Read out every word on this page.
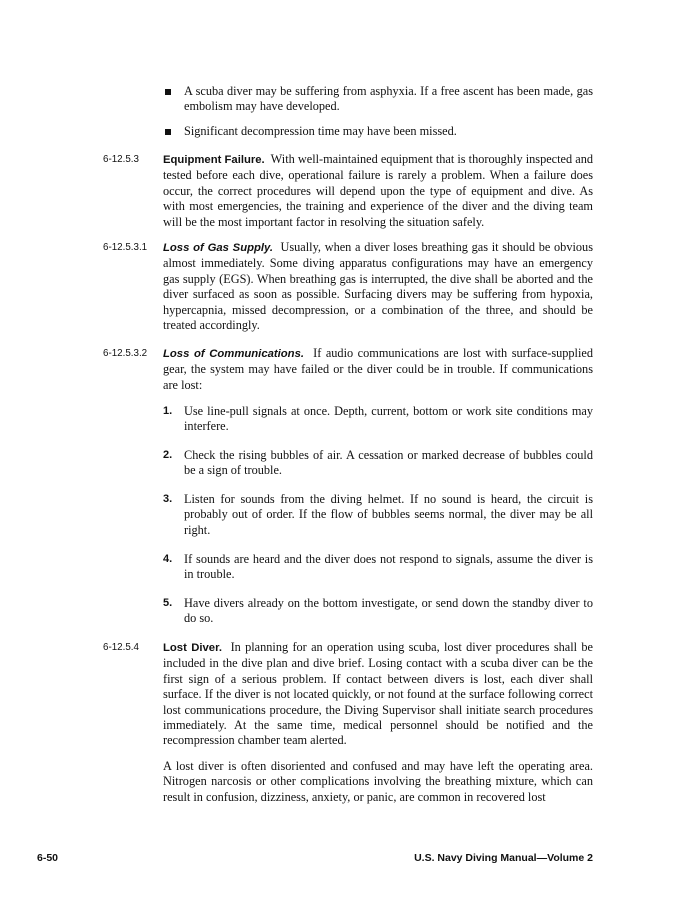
A scuba diver may be suffering from asphyxia. If a free ascent has been made, gas embolism may have developed.
Significant decompression time may have been missed.
6-12.5.3 Equipment Failure. With well-maintained equipment that is thoroughly inspected and tested before each dive, operational failure is rarely a problem. When a failure does occur, the correct procedures will depend upon the type of equipment and dive. As with most emergencies, the training and experience of the diver and the diving team will be the most important factor in resolving the situation safely.
6-12.5.3.1 Loss of Gas Supply. Usually, when a diver loses breathing gas it should be obvious almost immediately. Some diving apparatus configurations may have an emergency gas supply (EGS). When breathing gas is interrupted, the dive shall be aborted and the diver surfaced as soon as possible. Surfacing divers may be suffering from hypoxia, hypercapnia, missed decompression, or a combination of the three, and should be treated accordingly.
6-12.5.3.2 Loss of Communications. If audio communications are lost with surface-supplied gear, the system may have failed or the diver could be in trouble. If communications are lost:
1. Use line-pull signals at once. Depth, current, bottom or work site conditions may interfere.
2. Check the rising bubbles of air. A cessation or marked decrease of bubbles could be a sign of trouble.
3. Listen for sounds from the diving helmet. If no sound is heard, the circuit is probably out of order. If the flow of bubbles seems normal, the diver may be all right.
4. If sounds are heard and the diver does not respond to signals, assume the diver is in trouble.
5. Have divers already on the bottom investigate, or send down the standby diver to do so.
6-12.5.4 Lost Diver. In planning for an operation using scuba, lost diver procedures shall be included in the dive plan and dive brief. Losing contact with a scuba diver can be the first sign of a serious problem. If contact between divers is lost, each diver shall surface. If the diver is not located quickly, or not found at the surface following correct lost communications procedure, the Diving Supervisor shall initiate search procedures immediately. At the same time, medical personnel should be notified and the recompression chamber team alerted.
A lost diver is often disoriented and confused and may have left the operating area. Nitrogen narcosis or other complications involving the breathing mixture, which can result in confusion, dizziness, anxiety, or panic, are common in recovered lost
6-50	U.S. Navy Diving Manual—Volume 2
